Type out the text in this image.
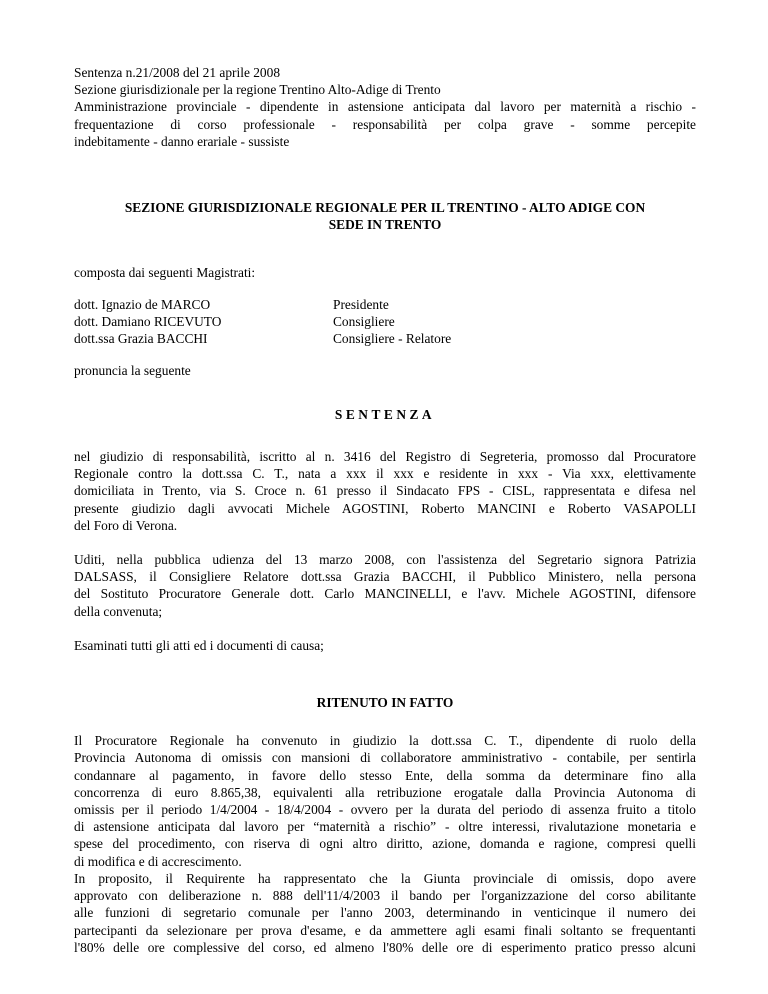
Sentenza n.21/2008 del 21 aprile 2008
Sezione giurisdizionale per la regione Trentino Alto-Adige di Trento
Amministrazione provinciale - dipendente in astensione anticipata dal lavoro per maternità a rischio -
frequentazione di corso professionale - responsabilità per colpa grave - somme percepite
indebitamente - danno erariale - sussiste
SEZIONE GIURISDIZIONALE REGIONALE PER IL TRENTINO - ALTO ADIGE CON
SEDE IN TRENTO
composta dai seguenti Magistrati:
dott. Ignazio de MARCO	Presidente
dott. Damiano RICEVUTO	Consigliere
dott.ssa Grazia BACCHI	Consigliere - Relatore
pronuncia la seguente
SENTENZA
nel giudizio di responsabilità, iscritto al n. 3416 del Registro di Segreteria, promosso dal Procuratore
Regionale contro la dott.ssa C. T., nata a xxx il xxx e residente in xxx - Via xxx, elettivamente
domiciliata in Trento, via S. Croce n. 61 presso il Sindacato FPS - CISL, rappresentata e difesa nel
presente giudizio dagli avvocati Michele AGOSTINI, Roberto MANCINI e Roberto VASAPOLLI
del Foro di Verona.
Uditi, nella pubblica udienza del 13 marzo 2008, con l'assistenza del Segretario signora Patrizia
DALSASS, il Consigliere Relatore dott.ssa Grazia BACCHI, il Pubblico Ministero, nella persona
del Sostituto Procuratore Generale dott. Carlo MANCINELLI, e l'avv. Michele AGOSTINI, difensore
della convenuta;
Esaminati tutti gli atti ed i documenti di causa;
RITENUTO IN FATTO
Il Procuratore Regionale ha convenuto in giudizio la dott.ssa C. T., dipendente di ruolo della
Provincia Autonoma di omissis con mansioni di collaboratore amministrativo - contabile, per sentirla
condannare al pagamento, in favore dello stesso Ente, della somma da determinare fino alla
concorrenza di euro 8.865,38, equivalenti alla retribuzione erogatale dalla Provincia Autonoma di
omissis per il periodo 1/4/2004 - 18/4/2004 - ovvero per la durata del periodo di assenza fruito a titolo
di astensione anticipata dal lavoro per “maternità a rischio” - oltre interessi, rivalutazione monetaria e
spese del procedimento, con riserva di ogni altro diritto, azione, domanda e ragione, compresi quelli
di modifica e di accrescimento.
In proposito, il Requirente ha rappresentato che la Giunta provinciale di omissis, dopo avere
approvato con deliberazione n. 888 dell'11/4/2003 il bando per l'organizzazione del corso abilitante
alle funzioni di segretario comunale per l'anno 2003, determinando in venticinque il numero dei
partecipanti da selezionare per prova d'esame, e da ammettere agli esami finali soltanto se frequentanti
l'80% delle ore complessive del corso, ed almeno l'80% delle ore di esperimento pratico presso alcuni
